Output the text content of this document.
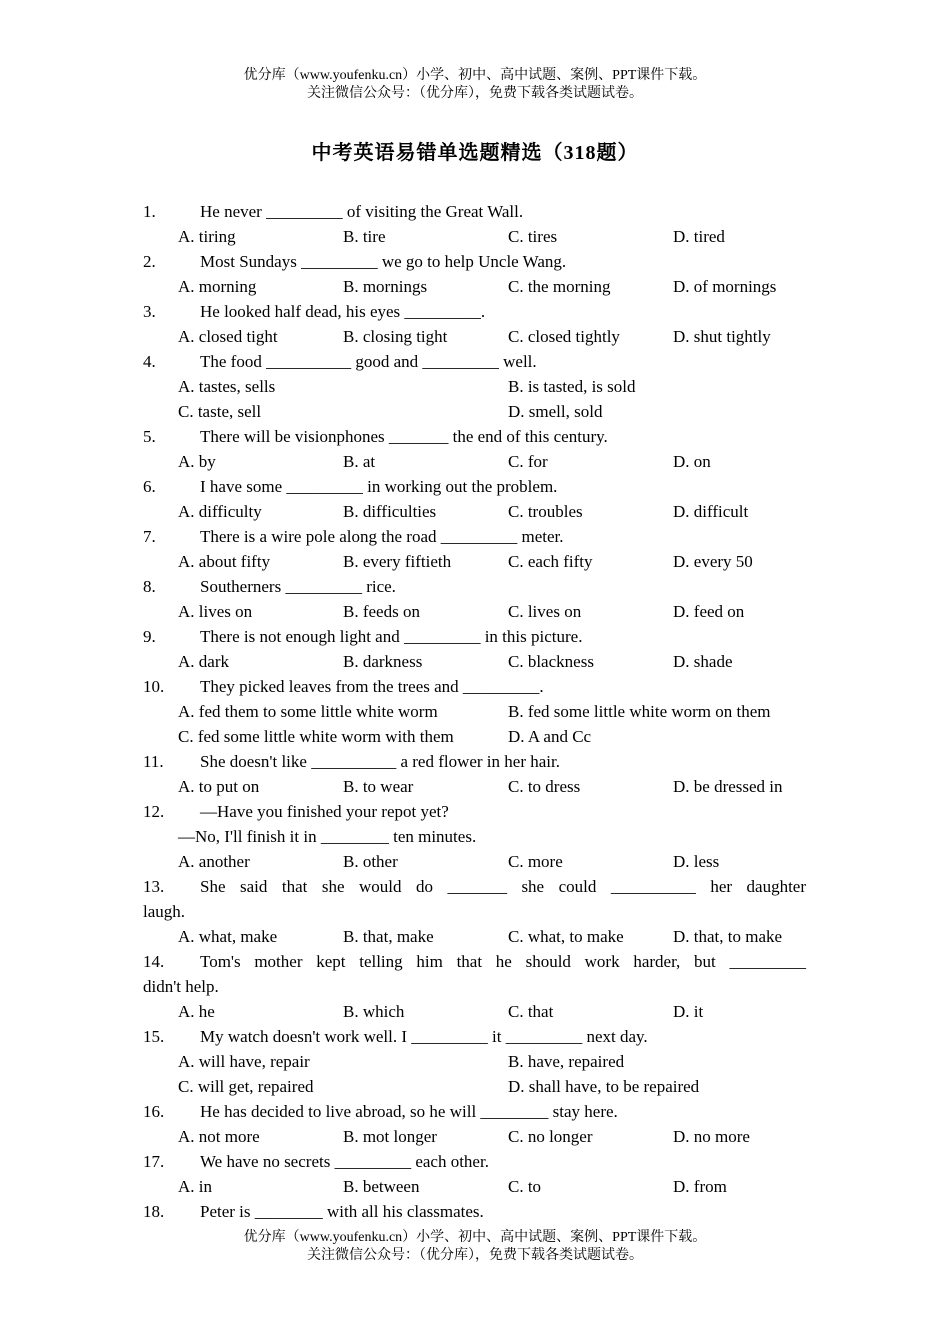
优分库（www.youfenku.cn）小学、初中、高中试题、案例、PPT课件下载。
关注微信公众号：（优分库），免费下载各类试题试卷。
中考英语易错单选题精选（318题）
1.	He never _________ of visiting the Great Wall.
A. tiring	B. tire	C. tires	D. tired
2.	Most Sundays _________ we go to help Uncle Wang.
A. morning	B. mornings	C. the morning	D. of mornings
3.	He looked half dead, his eyes _________.
A. closed tight	B. closing tight	C. closed tightly	D. shut tightly
4.	The food __________ good and _________ well.
A. tastes, sells	B. is tasted, is sold
C. taste, sell	D. smell, sold
5.	There will be visionphones _______ the end of this century.
A. by	B. at	C. for	D. on
6.	I have some _________ in working out the problem.
A. difficulty	B. difficulties	C. troubles	D. difficult
7.	There is a wire pole along the road _________ meter.
A. about fifty	B. every fiftieth	C. each fifty	D. every 50
8.	Southerners _________ rice.
A. lives on	B. feeds on	C. lives on	D. feed on
9.	There is not enough light and _________ in this picture.
A. dark	B. darkness	C. blackness	D. shade
10. They picked leaves from the trees and _________.
A. fed them to some little white worm	B. fed some little white worm on them
C. fed some little white worm with them	D. A and Cc
11. She doesn't like __________ a red flower in her hair.
A. to put on	B. to wear	C. to dress	D. be dressed in
12. —Have you finished your repot yet?
—No, I'll finish it in ________ ten minutes.
A. another	B. other	C. more	D. less
13. She said that she would do _______ she could __________ her daughter
laugh.
A. what, make	B. that, make	C. what, to make	D. that, to make
14. Tom's mother kept telling him that he should work harder, but _________
didn't help.
A. he	B. which	C. that	D. it
15. My watch doesn't work well. I _________ it _________ next day.
A. will have, repair	B. have, repaired
C. will get, repaired	D. shall have, to be repaired
16. He has decided to live abroad, so he will ________ stay here.
A. not more	B. mot longer	C. no longer	D. no more
17. We have no secrets _________ each other.
A. in	B. between	C. to	D. from
18. Peter is ________ with all his classmates.
优分库（www.youfenku.cn）小学、初中、高中试题、案例、PPT课件下载。
关注微信公众号：（优分库），免费下载各类试题试卷。
